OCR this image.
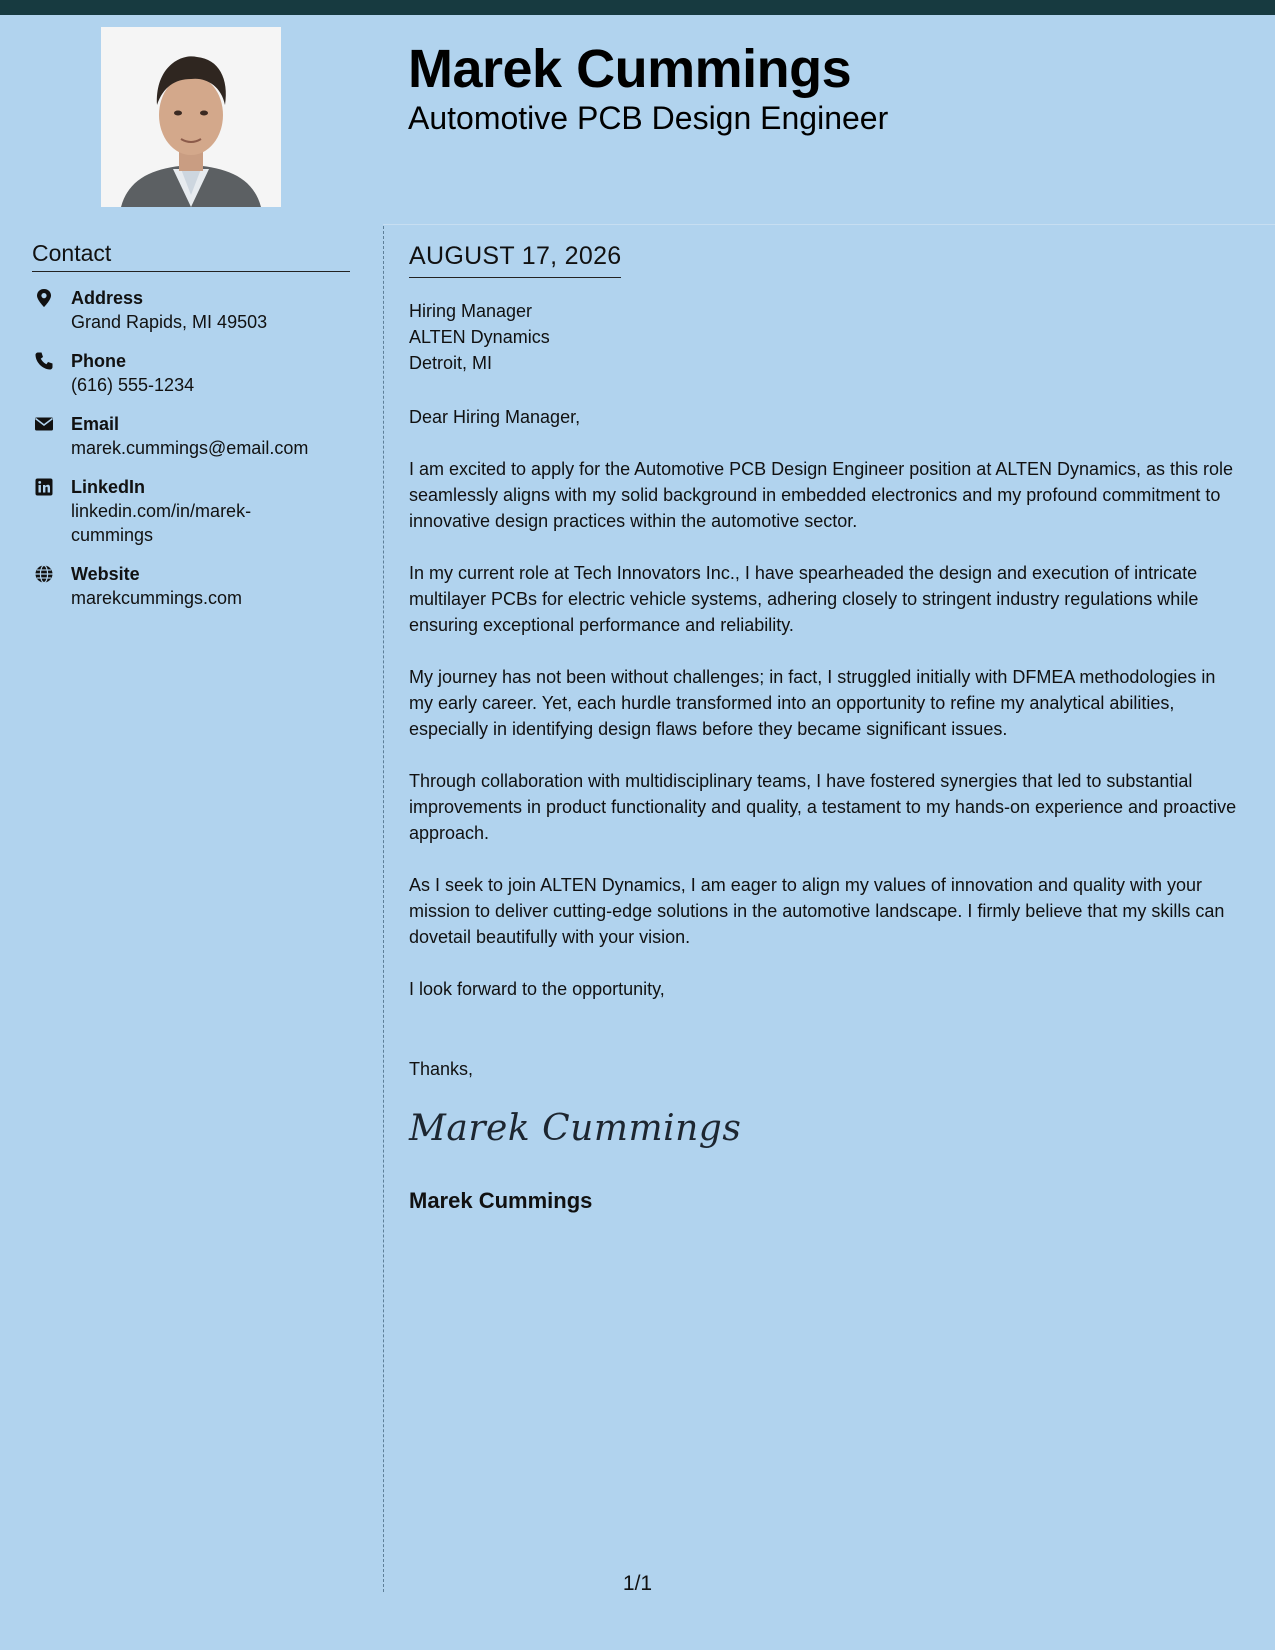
Marek Cummings
Automotive PCB Design Engineer
Contact
Address
Grand Rapids, MI 49503
Phone
(616) 555-1234
Email
marek.cummings@email.com
LinkedIn
linkedin.com/in/marek-
cummings
Website
marekcummings.com
AUGUST 17, 2026
Hiring Manager
ALTEN Dynamics
Detroit, MI
Dear Hiring Manager,

I am excited to apply for the Automotive PCB Design Engineer position at ALTEN Dynamics, as this role seamlessly aligns with my solid background in embedded electronics and my profound commitment to innovative design practices within the automotive sector.

In my current role at Tech Innovators Inc., I have spearheaded the design and execution of intricate multilayer PCBs for electric vehicle systems, adhering closely to stringent industry regulations while ensuring exceptional performance and reliability.

My journey has not been without challenges; in fact, I struggled initially with DFMEA methodologies in my early career. Yet, each hurdle transformed into an opportunity to refine my analytical abilities, especially in identifying design flaws before they became significant issues.

Through collaboration with multidisciplinary teams, I have fostered synergies that led to substantial improvements in product functionality and quality, a testament to my hands-on experience and proactive approach.

As I seek to join ALTEN Dynamics, I am eager to align my values of innovation and quality with your mission to deliver cutting-edge solutions in the automotive landscape. I firmly believe that my skills can dovetail beautifully with your vision.

I look forward to the opportunity,
Thanks,
Marek Cummings
Marek Cummings
1/1
